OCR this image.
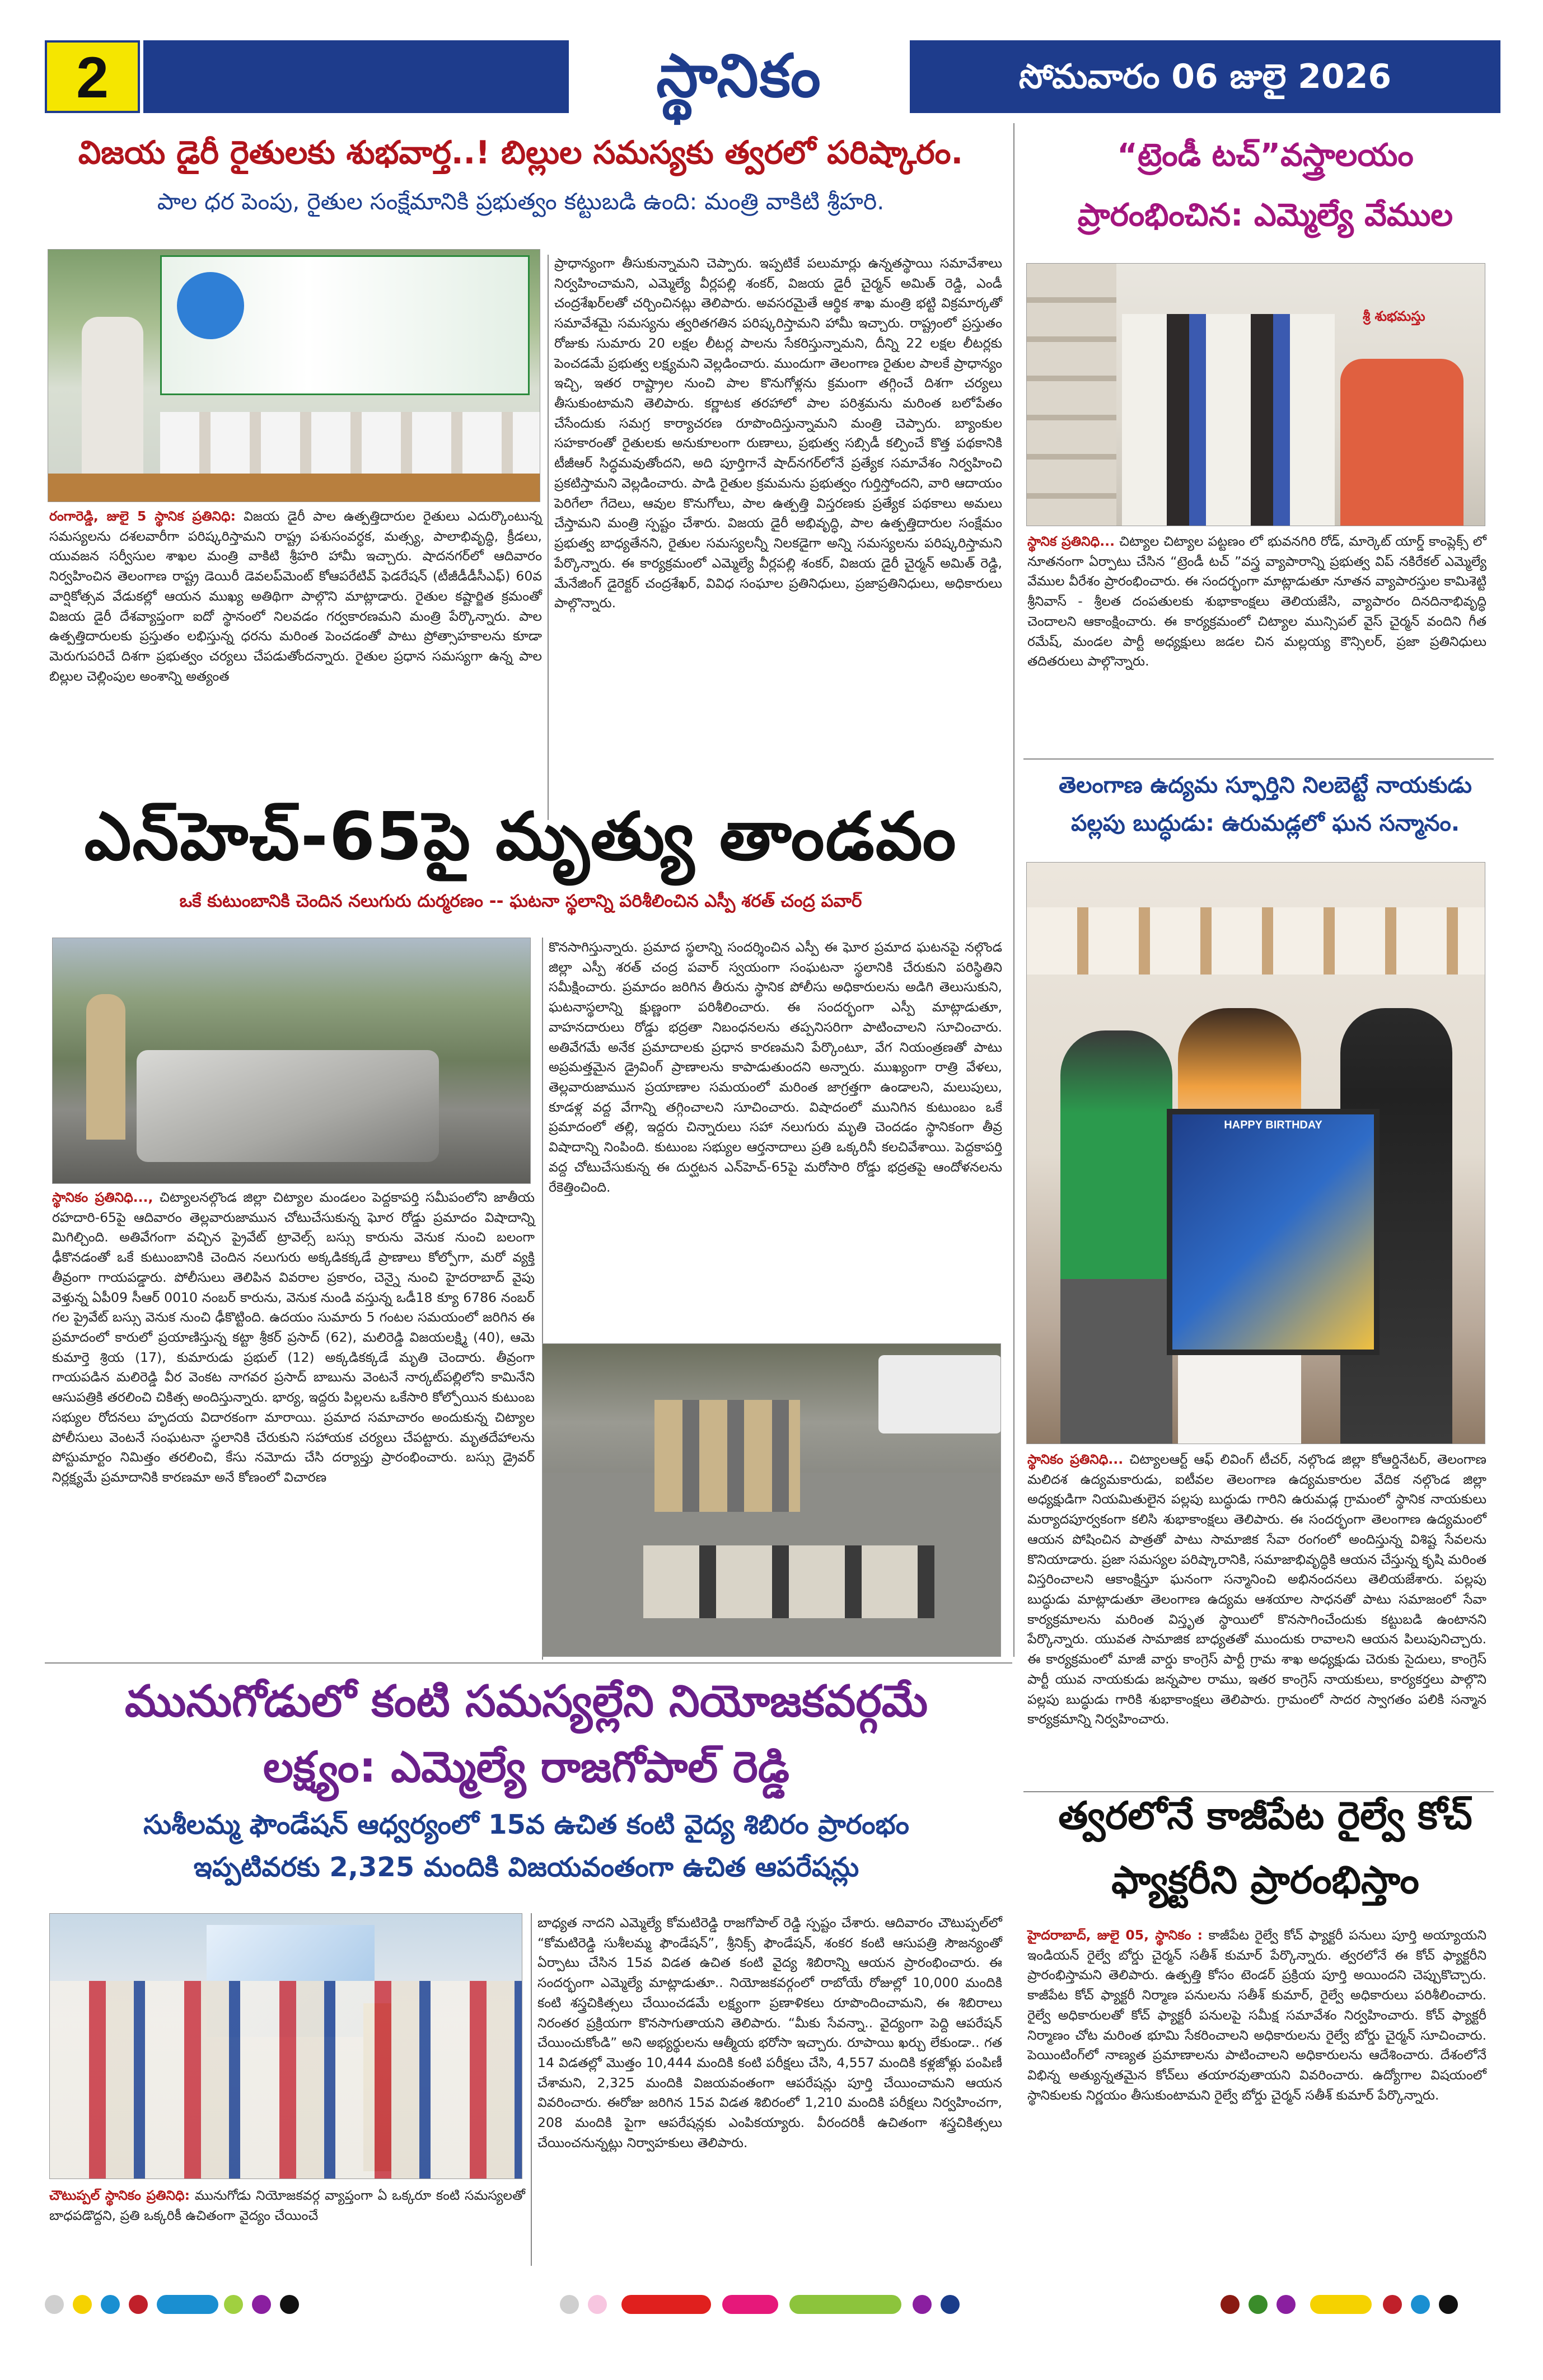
2	స్థానికం	సోమవారం 06 జులై 2026
విజయ డైరీ రైతులకు శుభవార్త..! బిల్లుల సమస్యకు త్వరలో పరిష్కారం.
పాల ధర పెంపు, రైతుల సంక్షేమానికి ప్రభుత్వం కట్టుబడి ఉంది: మంత్రి వాకిటి శ్రీహరి.
రంగారెడ్డి, జులై 5 స్థానిక ప్రతినిధి: విజయ డైరీ పాల ఉత్పత్తిదారుల రైతులు ఎదుర్కొంటున్న సమస్యలను దశలవారీగా పరిష్కరిస్తామని రాష్ట్ర పశుసంవర్ధక, మత్స్య, పాలాభివృద్ధి, క్రీడలు, యువజన సర్వీసుల శాఖల మంత్రి వాకిటి శ్రీహరి హామీ ఇచ్చారు. షాదనగర్‌లో ఆదివారం నిర్వహించిన తెలంగాణ రాష్ట్ర డెయిరీ డెవలప్‌మెంట్ కోఆపరేటివ్ ఫెడరేషన్ (టీజీడీడీసీఎఫ్) 60వ వార్షికోత్సవ వేడుకల్లో ఆయన ముఖ్య అతిథిగా పాల్గొని మాట్లాడారు. రైతుల కష్టార్జిత క్రమంతో విజయ డైరీ దేశవ్యాప్తంగా ఐదో స్థానంలో నిలవడం గర్వకారణమని మంత్రి పేర్కొన్నారు. పాల ఉత్పత్తిదారులకు ప్రస్తుతం లభిస్తున్న ధరను మరింత పెంచడంతో పాటు ప్రోత్సాహకాలను కూడా మెరుగుపరిచే దిశగా ప్రభుత్వం చర్యలు చేపడుతోందన్నారు. రైతుల ప్రధాన సమస్యగా ఉన్న పాల బిల్లుల చెల్లింపుల అంశాన్ని అత్యంత
ప్రాధాన్యంగా తీసుకున్నామని చెప్పారు. ఇప్పటికే పలుమార్లు ఉన్నతస్థాయి సమావేశాలు నిర్వహించామని, ఎమ్మెల్యే వీర్లపల్లి శంకర్, విజయ డైరీ చైర్మన్ అమిత్ రెడ్డి, ఎండీ చంద్రశేఖర్‌లతో చర్చించినట్లు తెలిపారు. అవసరమైతే ఆర్థిక శాఖ మంత్రి భట్టి విక్రమార్కతో సమావేశమై సమస్యను త్వరితగతిన పరిష్కరిస్తామని హామీ ఇచ్చారు. రాష్ట్రంలో ప్రస్తుతం రోజుకు సుమారు 20 లక్షల లీటర్ల పాలను సేకరిస్తున్నామని, దీన్ని 22 లక్షల లీటర్లకు పెంచడమే ప్రభుత్వ లక్ష్యమని వెల్లడించారు. ముందుగా తెలంగాణ రైతుల పాలకే ప్రాధాన్యం ఇచ్చి, ఇతర రాష్ట్రాల నుంచి పాల కొనుగోళ్లను క్రమంగా తగ్గించే దిశగా చర్యలు తీసుకుంటామని తెలిపారు. కర్ణాటక తరహాలో పాల పరిశ్రమను మరింత బలోపేతం చేసేందుకు సమగ్ర కార్యాచరణ రూపొందిస్తున్నామని మంత్రి చెప్పారు. బ్యాంకుల సహకారంతో రైతులకు అనుకూలంగా రుణాలు, ప్రభుత్వ సబ్సిడీ కల్పించే కొత్త పథకానికి టీజీఆర్ సిద్ధమవుతోందని, అది పూర్తిగానే షాద్‌నగర్‌లోనే ప్రత్యేక సమావేశం నిర్వహించి ప్రకటిస్తామని వెల్లడించారు. పాడి రైతుల క్రమమను ప్రభుత్వం గుర్తిస్తోందని, వారి ఆదాయం పెరిగేలా గేదెలు, ఆవుల కొనుగోలు, పాల ఉత్పత్తి విస్తరణకు ప్రత్యేక పథకాలు అమలు చేస్తామని మంత్రి స్పష్టం చేశారు. విజయ డైరీ అభివృద్ధి, పాల ఉత్పత్తిదారుల సంక్షేమం ప్రభుత్వ బాధ్యతేనని, రైతుల సమస్యలన్నీ నిలకడైగా అన్ని సమస్యలను పరిష్కరిస్తామని పేర్కొన్నారు. ఈ కార్యక్రమంలో ఎమ్మెల్యే వీర్లపల్లి శంకర్, విజయ డైరీ చైర్మన్ అమిత్ రెడ్డి, మేనేజింగ్ డైరెక్టర్ చంద్రశేఖర్, వివిధ సంఘాల ప్రతినిధులు, ప్రజాప్రతినిధులు, అధికారులు పాల్గొన్నారు.
“ట్రెండీ టచ్”వస్త్రాలయం
ప్రారంభించిన: ఎమ్మెల్యే వేముల
శ్రీ శుభమస్తు
స్థానిక ప్రతినిధి... చిట్యాల చిట్యాల పట్టణం లో భువనగిరి రోడ్, మార్కెట్ యార్డ్ కాంప్లెక్స్ లో నూతనంగా ఏర్పాటు చేసిన “ట్రెండీ టచ్ ”వస్త్ర వ్యాపారాన్ని ప్రభుత్వ విప్ నకిరేకల్ ఎమ్మెల్యే వేముల వీరేశం ప్రారంభించారు. ఈ సందర్భంగా మాట్లాడుతూ నూతన వ్యాపారస్తుల కామిశెట్టి శ్రీనివాస్ - శ్రీలత దంపతులకు శుభాకాంక్షలు తెలియజేసి, వ్యాపారం దినదినాభివృద్ధి చెందాలని ఆకాంక్షించారు. ఈ కార్యక్రమంలో చిట్యాల మున్సిపల్ వైస్ చైర్మన్ వందిని గీత రమేష్, మండల పార్టీ అధ్యక్షులు జడల చిన మల్లయ్య కౌన్సిలర్, ప్రజా ప్రతినిధులు తదితరులు పాల్గొన్నారు.
తెలంగాణ ఉద్యమ స్ఫూర్తిని నిలబెట్టే నాయకుడు
పల్లపు బుద్ధుడు: ఉరుమడ్లలో ఘన సన్మానం.
HAPPY BIRTHDAY
స్థానికం ప్రతినిధి... చిట్యాలఆర్ట్ ఆఫ్ లివింగ్ టీచర్, నల్గొండ జిల్లా కోఆర్డినేటర్, తెలంగాణ మలిదశ ఉద్యమకారుడు, ఐటీవల తెలంగాణ ఉద్యమకారుల వేదిక నల్గొండ జిల్లా అధ్యక్షుడిగా నియమితులైన పల్లపు బుద్ధుడు గారిని ఉరుమడ్ల గ్రామంలో స్థానిక నాయకులు మర్యాదపూర్వకంగా కలిసి శుభాకాంక్షలు తెలిపారు. ఈ సందర్భంగా తెలంగాణ ఉద్యమంలో ఆయన పోషించిన పాత్రతో పాటు సామాజిక సేవా రంగంలో అందిస్తున్న విశిష్ట సేవలను కొనియాడారు. ప్రజా సమస్యల పరిష్కారానికి, సమాజాభివృద్ధికి ఆయన చేస్తున్న కృషి మరింత విస్తరించాలని ఆకాంక్షిస్తూ ఘనంగా సన్మానించి అభినందనలు తెలియజేశారు. పల్లపు బుద్ధుడు మాట్లాడుతూ తెలంగాణ ఉద్యమ ఆశయాల సాధనతో పాటు సమాజంలో సేవా కార్యక్రమాలను మరింత విస్తృత స్థాయిలో కొనసాగించేందుకు కట్టుబడి ఉంటానని పేర్కొన్నారు. యువత సామాజిక బాధ్యతతో ముందుకు రావాలని ఆయన పిలుపునిచ్చారు. ఈ కార్యక్రమంలో మాజీ వార్డు కాంగ్రెస్ పార్టీ గ్రామ శాఖ అధ్యక్షుడు చెరుకు సైదులు, కాంగ్రెస్ పార్టీ యువ నాయకుడు జన్నపాల రాము, ఇతర కాంగ్రెస్ నాయకులు, కార్యకర్తలు పాల్గొని పల్లపు బుద్ధుడు గారికి శుభాకాంక్షలు తెలిపారు. గ్రామంలో సాదర స్వాగతం పలికి సన్మాన కార్యక్రమాన్ని నిర్వహించారు.
ఎన్‌హెచ్-65పై మృత్యు తాండవం
ఒకే కుటుంబానికి చెందిన నలుగురు దుర్మరణం -- ఘటనా స్థలాన్ని పరిశీలించిన ఎస్పీ శరత్ చంద్ర పవార్
స్థానికం ప్రతినిధి..., చిట్యాలనల్గొండ జిల్లా చిట్యాల మండలం పెద్దకాపర్తి సమీపంలోని జాతీయ రహదారి-65పై ఆదివారం తెల్లవారుజామున చోటుచేసుకున్న ఘోర రోడ్డు ప్రమాదం విషాదాన్ని మిగిల్చింది. అతివేగంగా వచ్చిన ప్రైవేట్ ట్రావెల్స్ బస్సు కారును వెనుక నుంచి బలంగా ఢీకొనడంతో ఒకే కుటుంబానికి చెందిన నలుగురు అక్కడికక్కడే ప్రాణాలు కోల్పోగా, మరో వ్యక్తి తీవ్రంగా గాయపడ్డారు. పోలీసులు తెలిపిన వివరాల ప్రకారం, చెన్నై నుంచి హైదరాబాద్ వైపు వెళ్తున్న ఏపీ09 సీఆర్ 0010 నంబర్ కారును, వెనుక నుండి వస్తున్న ఒడీ18 క్యూ 6786 నంబర్ గల ప్రైవేట్ బస్సు వెనుక నుంచి ఢీకొట్టింది. ఉదయం సుమారు 5 గంటల సమయంలో జరిగిన ఈ ప్రమాదంలో కారులో ప్రయాణిస్తున్న కట్టా శ్రీకర్ ప్రసాద్ (62), మలిరెడ్డి విజయలక్ష్మి (40), ఆమె కుమార్తె శ్రియ (17), కుమారుడు ప్రభుల్ (12) అక్కడికక్కడే మృతి చెందారు. తీవ్రంగా గాయపడిన మలిరెడ్డి వీర వెంకట నాగవర ప్రసాద్ బాబును వెంటనే నార్కట్‌పల్లిలోని కామినేని ఆసుపత్రికి తరలించి చికిత్స అందిస్తున్నారు. భార్య, ఇద్దరు పిల్లలను ఒకేసారి కోల్పోయిన కుటుంబ సభ్యుల రోదనలు హృదయ విదారకంగా మారాయి. ప్రమాద సమాచారం అందుకున్న చిట్యాల పోలీసులు వెంటనే సంఘటనా స్థలానికి చేరుకుని సహాయక చర్యలు చేపట్టారు. మృతదేహాలను పోస్టుమార్టం నిమిత్తం తరలించి, కేసు నమోదు చేసి దర్యాప్తు ప్రారంభించారు. బస్సు డ్రైవర్ నిర్లక్ష్యమే ప్రమాదానికి కారణమా అనే కోణంలో విచారణ
కొనసాగిస్తున్నారు. ప్రమాద స్థలాన్ని సందర్శించిన ఎస్పీ ఈ ఘోర ప్రమాద ఘటనపై నల్గొండ జిల్లా ఎస్పీ శరత్ చంద్ర పవార్ స్వయంగా సంఘటనా స్థలానికి చేరుకుని పరిస్థితిని సమీక్షించారు. ప్రమాదం జరిగిన తీరును స్థానిక పోలీసు అధికారులను అడిగి తెలుసుకుని, ఘటనాస్థలాన్ని క్షుణ్ణంగా పరిశీలించారు. ఈ సందర్భంగా ఎస్పీ మాట్లాడుతూ, వాహనదారులు రోడ్డు భద్రతా నిబంధనలను తప్పనిసరిగా పాటించాలని సూచించారు. అతివేగమే అనేక ప్రమాదాలకు ప్రధాన కారణమని పేర్కొంటూ, వేగ నియంత్రణతో పాటు అప్రమత్తమైన డ్రైవింగ్ ప్రాణాలను కాపాడుతుందని అన్నారు. ముఖ్యంగా రాత్రి వేళలు, తెల్లవారుజామున ప్రయాణాల సమయంలో మరింత జాగ్రత్తగా ఉండాలని, మలుపులు, కూడళ్ల వద్ద వేగాన్ని తగ్గించాలని సూచించారు. విషాదంలో మునిగిన కుటుంబం ఒకే ప్రమాదంలో తల్లి, ఇద్దరు చిన్నారులు సహా నలుగురు మృతి చెందడం స్థానికంగా తీవ్ర విషాదాన్ని నింపింది. కుటుంబ సభ్యుల ఆర్తనాదాలు ప్రతి ఒక్కరినీ కలచివేశాయి. పెద్దకాపర్తి వద్ద చోటుచేసుకున్న ఈ దుర్ఘటన ఎన్‌హెచ్-65పై మరోసారి రోడ్డు భద్రతపై ఆందోళనలను రేకెత్తించింది.
మునుగోడులో కంటి సమస్యల్లేని నియోజకవర్గమే
లక్ష్యం: ఎమ్మెల్యే రాజగోపాల్ రెడ్డి
సుశీలమ్మ ఫౌండేషన్ ఆధ్వర్యంలో 15వ ఉచిత కంటి వైద్య శిబిరం ప్రారంభం
ఇప్పటివరకు 2,325 మందికి విజయవంతంగా ఉచిత ఆపరేషన్లు
చౌటుప్పల్ స్థానికం ప్రతినిధి: మునుగోడు నియోజకవర్గ వ్యాప్తంగా ఏ ఒక్కరూ కంటి సమస్యలతో బాధపడొద్దని, ప్రతి ఒక్కరికీ ఉచితంగా వైద్యం చేయించే
బాధ్యత నాదని ఎమ్మెల్యే కోమటిరెడ్డి రాజగోపాల్ రెడ్డి స్పష్టం చేశారు. ఆదివారం చౌటుప్పల్‌లో “కోమటిరెడ్డి సుశీలమ్మ ఫౌండేషన్”, శ్రీనిక్స్ ఫౌండేషన్, శంకర కంటి ఆసుపత్రి సౌజన్యంతో ఏర్పాటు చేసిన 15వ విడత ఉచిత కంటి వైద్య శిబిరాన్ని ఆయన ప్రారంభించారు. ఈ సందర్భంగా ఎమ్మెల్యే మాట్లాడుతూ.. నియోజకవర్గంలో రాబోయే రోజుల్లో 10,000 మందికి కంటి శస్త్రచికిత్సలు చేయించడమే లక్ష్యంగా ప్రణాళికలు రూపొందించామని, ఈ శిబిరాలు నిరంతర ప్రక్రియగా కొనసాగుతాయని తెలిపారు. “మీకు సేవన్నా.. వైద్యంగా పెద్ది ఆపరేషన్ చేయించుకోండి” అని అభ్యర్థులను ఆత్మీయ భరోసా ఇచ్చారు. రూపాయి ఖర్చు లేకుండా.. గత 14 విడతల్లో మొత్తం 10,444 మందికి కంటి పరీక్షలు చేసి, 4,557 మందికి కళ్లజోళ్లు పంపిణీ చేశామని, 2,325 మందికి విజయవంతంగా ఆపరేషన్లు పూర్తి చేయించామని ఆయన వివరించారు. ఈరోజు జరిగిన 15వ విడత శిబిరంలో 1,210 మందికి పరీక్షలు నిర్వహించగా, 208 మందికి పైగా ఆపరేషన్లకు ఎంపికయ్యారు. వీరందరికీ ఉచితంగా శస్త్రచికిత్సలు చేయించనున్నట్లు నిర్వాహకులు తెలిపారు.
త్వరలోనే కాజీపేట రైల్వే కోచ్
ఫ్యాక్టరీని ప్రారంభిస్తాం
హైదరాబాద్, జులై 05, స్థానికం : కాజీపేట రైల్వే కోచ్ ఫ్యాక్టరీ పనులు పూర్తి అయ్యాయని ఇండియన్ రైల్వే బోర్డు చైర్మన్ సతీశ్ కుమార్ పేర్కొన్నారు. త్వరలోనే ఈ కోచ్ ఫ్యాక్టరీని ప్రారంభిస్తామని తెలిపారు. ఉత్పత్తి కోసం టెండర్ ప్రక్రియ పూర్తి అయిందని చెప్పుకొచ్చారు. కాజీపేట కోచ్ ఫ్యాక్టరీ నిర్మాణ పనులను సతీశ్ కుమార్, రైల్వే అధికారులు పరిశీలించారు. రైల్వే అధికారులతో కోచ్ ఫ్యాక్టరీ పనులపై సమీక్ష సమావేశం నిర్వహించారు. కోచ్ ఫ్యాక్టరీ నిర్మాణం చోట మరింత భూమి సేకరించాలని అధికారులను రైల్వే బోర్డు చైర్మన్ సూచించారు. పెయింటింగ్‌లో నాణ్యత ప్రమాణాలను పాటించాలని అధికారులను ఆదేశించారు. దేశంలోనే విభిన్న అత్యున్నతమైన కోచ్‌లు తయారవుతాయని వివరించారు. ఉద్యోగాల విషయంలో స్థానికులకు నిర్ణయం తీసుకుంటామని రైల్వే బోర్డు చైర్మన్ సతీశ్ కుమార్ పేర్కొన్నారు.
